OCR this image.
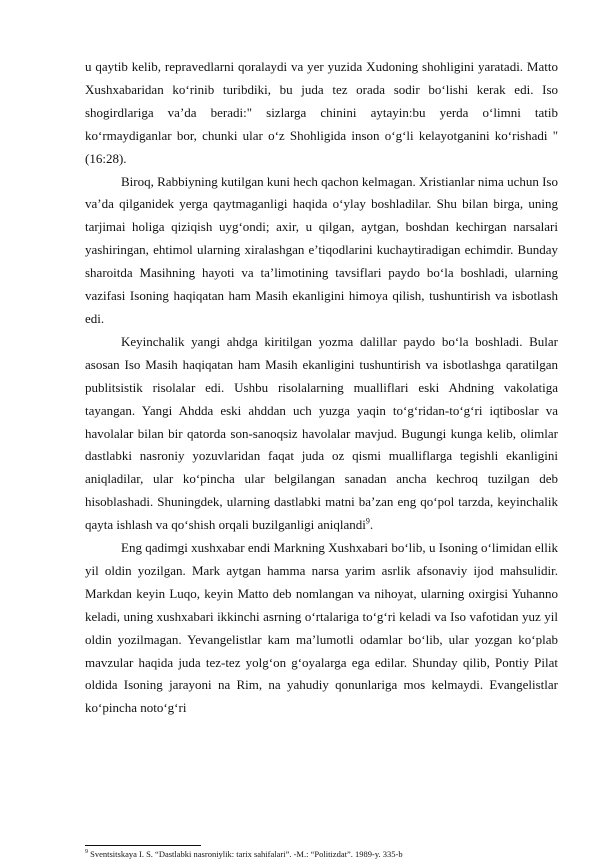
u qaytib kelib, repravedlarni qoralaydi va yer yuzida Xudoning shohligini yaratadi. Matto Xushxabaridan ko‘rinib turibdiki, bu juda tez orada sodir bo‘lishi kerak edi. Iso shogirdlariga va’da beradi:" sizlarga chinini aytayin:bu yerda o‘limni tatib ko‘rmaydiganlar bor, chunki ular o‘z Shohligida inson o‘g‘li kelayotganini ko‘rishadi " (16:28).

Biroq, Rabbiyning kutilgan kuni hech qachon kelmagan. Xristianlar nima uchun Iso va’da qilganidek yerga qaytmaganligi haqida o‘ylay boshladilar. Shu bilan birga, uning tarjimai holiga qiziqish uyg‘ondi; axir, u qilgan, aytgan, boshdan kechirgan narsalari yashiringan, ehtimol ularning xiralashgan e’tiqodlarini kuchaytiradigan echimdir. Bunday sharoitda Masihning hayoti va ta’limotining tavsiflari paydo bo‘la boshladi, ularning vazifasi Isoning haqiqatan ham Masih ekanligini himoya qilish, tushuntirish va isbotlash edi.

Keyinchalik yangi ahdga kiritilgan yozma dalillar paydo bo‘la boshladi. Bular asosan Iso Masih haqiqatan ham Masih ekanligini tushuntirish va isbotlashga qaratilgan publitsistik risolalar edi. Ushbu risolalarning mualliflari eski Ahdning vakolatiga tayangan. Yangi Ahdda eski ahddan uch yuzga yaqin to‘g‘ridan-to‘g‘ri iqtiboslar va havolalar bilan bir qatorda son-sanoqsiz havolalar mavjud. Bugungi kunga kelib, olimlar dastlabki nasroniy yozuvlaridan faqat juda oz qismi mualliflarga tegishli ekanligini aniqladilar, ular ko‘pincha ular belgilangan sanadan ancha kechroq tuzilgan deb hisoblashadi. Shuningdek, ularning dastlabki matni ba’zan eng qo‘pol tarzda, keyinchalik qayta ishlash va qo‘shish orqali buzilganligi aniqlandi$^9$.

Eng qadimgi xushxabar endi Markning Xushxabari bo‘lib, u Isoning o‘limidan ellik yil oldin yozilgan. Mark aytgan hamma narsa yarim asrlik afsonaviy ijod mahsulidir. Markdan keyin Luqo, keyin Matto deb nomlangan va nihoyat, ularning oxirgisi Yuhanno keladi, uning xushxabari ikkinchi asrning o‘rtalariga to‘g‘ri keladi va Iso vafotidan yuz yil oldin yozilmagan. Yevangelistlar kam ma’lumotli odamlar bo‘lib, ular yozgan ko‘plab mavzular haqida juda tez-tez yolg‘on g‘oyalarga ega edilar. Shunday qilib, Pontiy Pilat oldida Isoning jarayoni na Rim, na yahudiy qonunlariga mos kelmaydi. Evangelistlar ko‘pincha noto‘g‘ri

$^9$ Sventsitskaya I. S. “Dastlabki nasroniylik: tarix sahifalari”. -M.: “Politizdat”. 1989-y. 335-b
